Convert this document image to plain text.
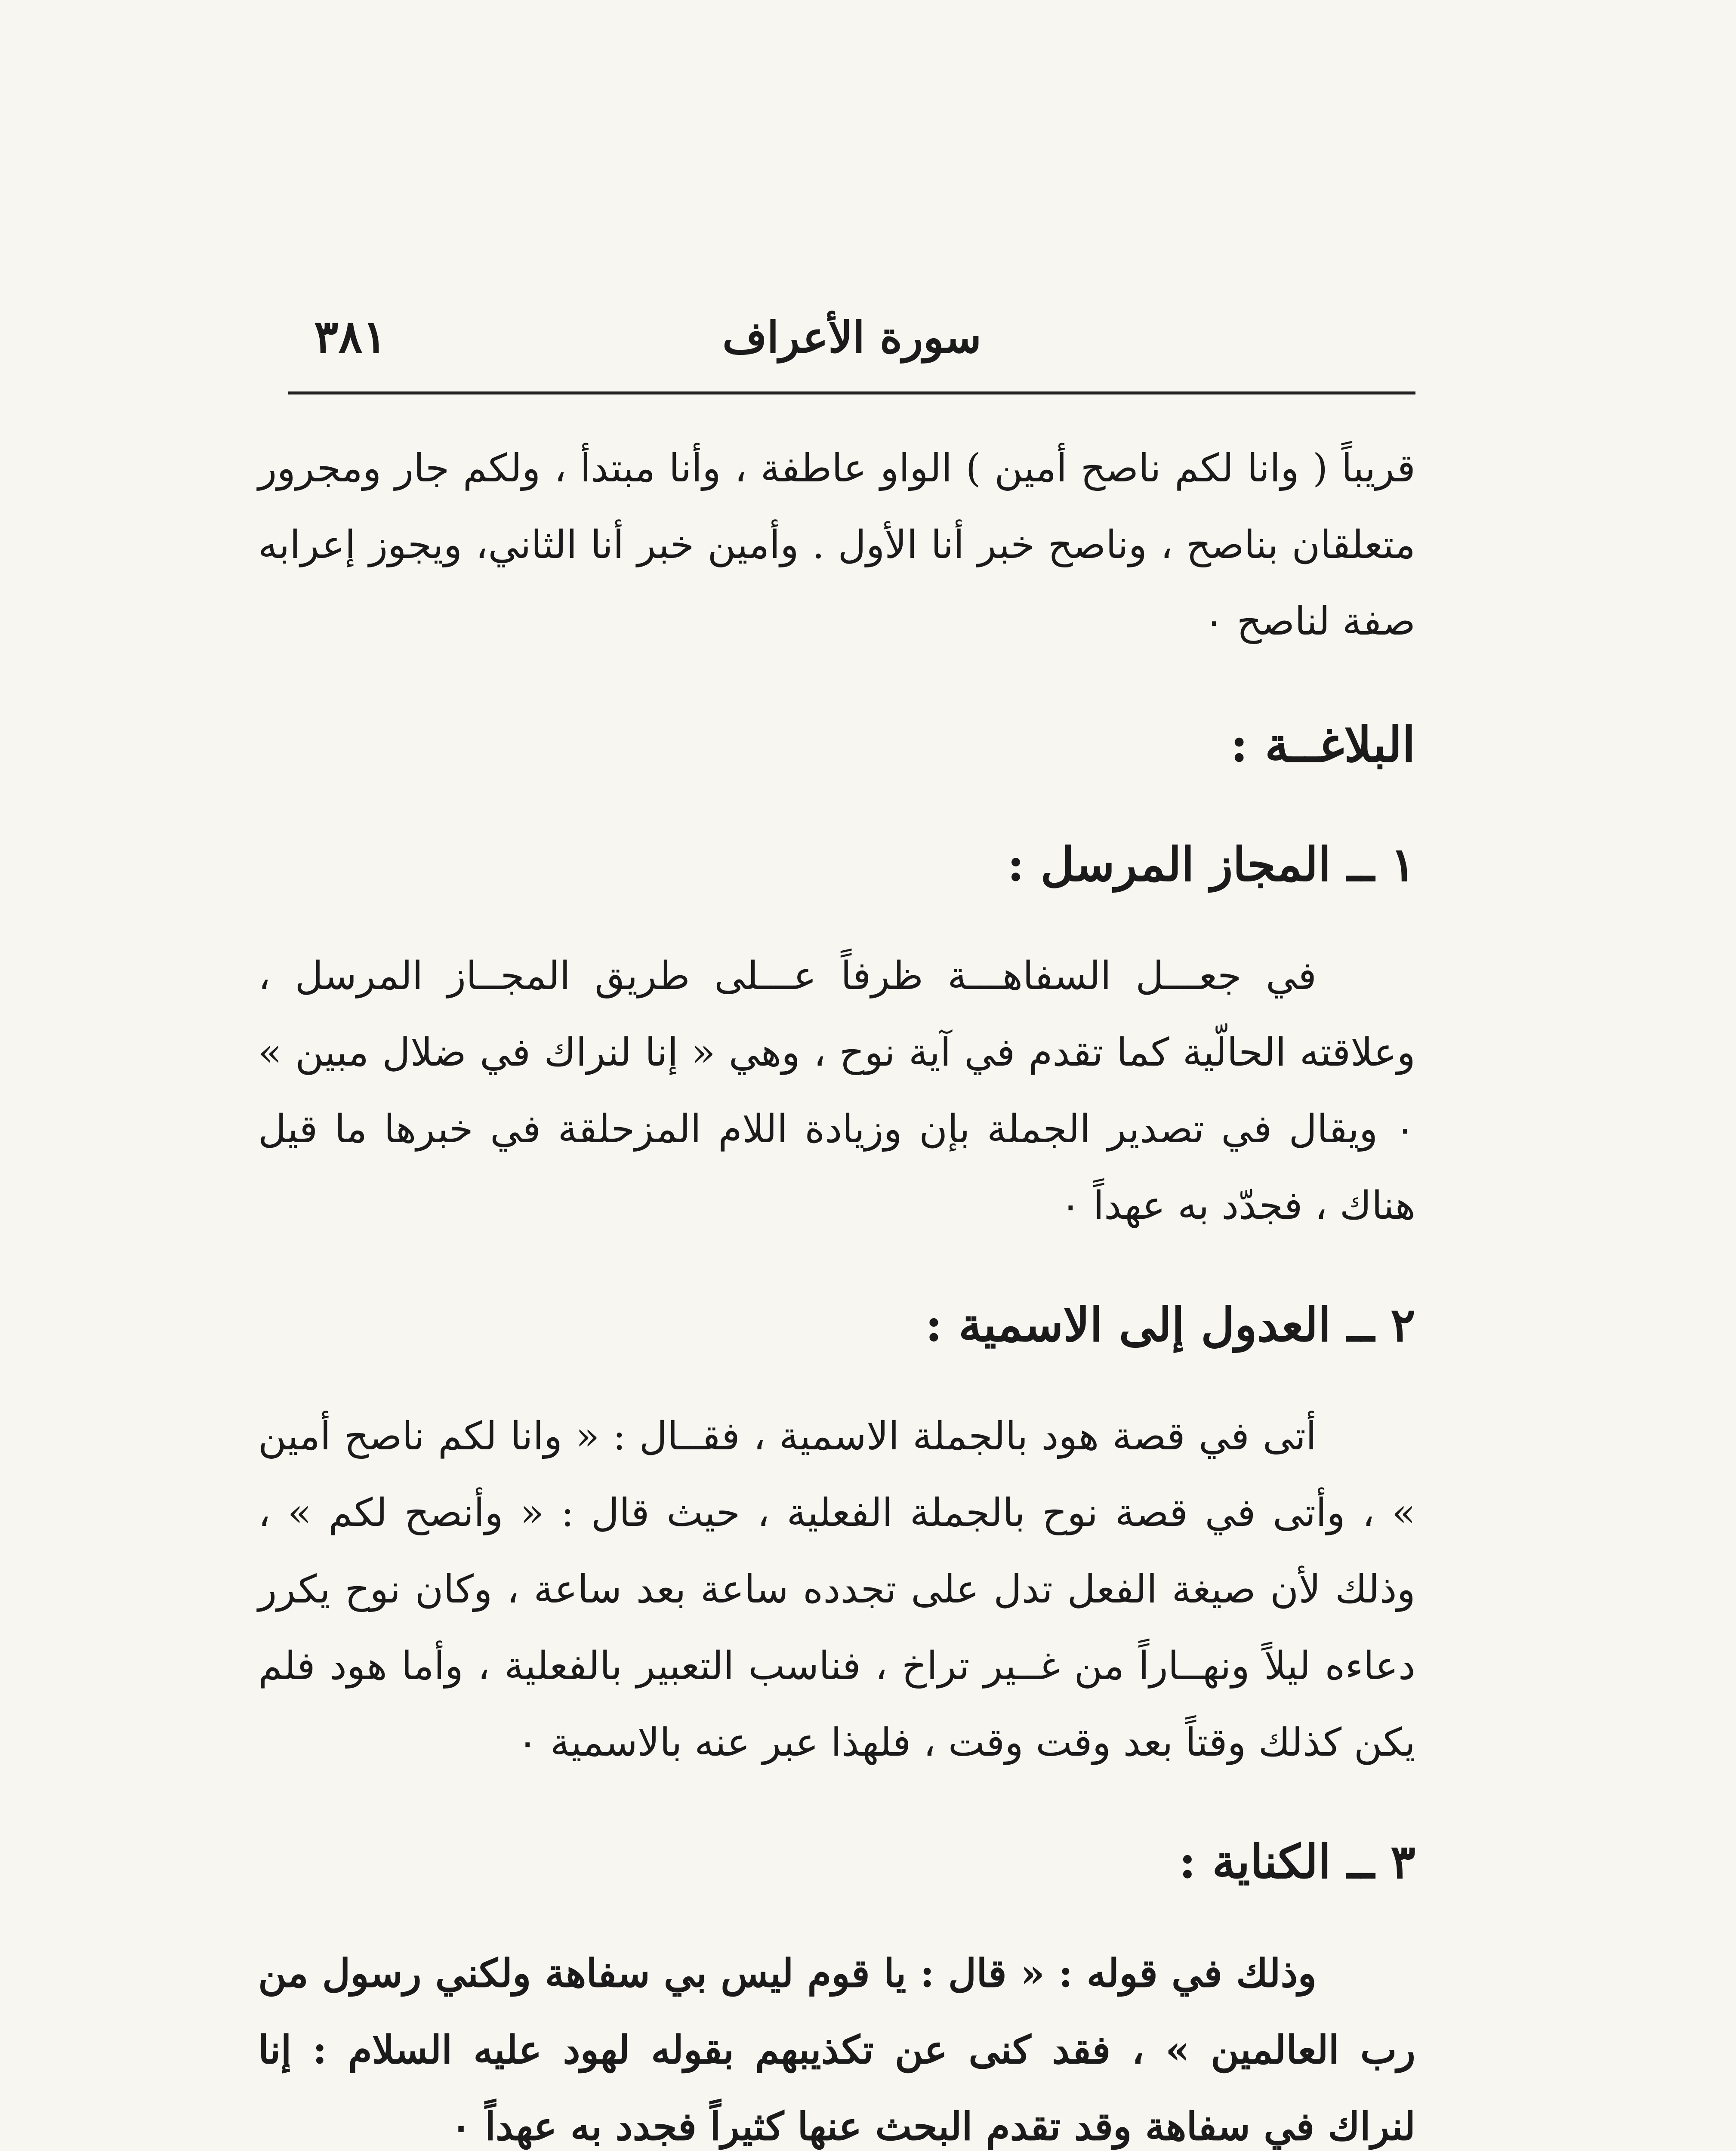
سورة الأعراف
٣٨١

قريباً ( وانا لكم ناصح أمين ) الواو عاطفة ، وأنا مبتدأ ، ولكم جار ومجرور متعلقان بناصح ، وناصح خبر أنا الأول . وأمين خبر أنا الثاني، ويجوز إعرابه صفة لناصح ٠

البلاغــة :

١ ــ المجاز المرسل :

في جعـــل السفاهـــة ظرفاً عـــلى طريق المجــاز المرسل ، وعلاقته الحالّية كما تقدم في آية نوح ، وهي « إنا لنراك في ضلال مبين » ٠ ويقال في تصدير الجملة بإن وزيادة اللام المزحلقة في خبرها ما قيل هناك ، فجدّد به عهداً ٠

٢ ــ العدول إلى الاسمية :

أتى في قصة هود بالجملة الاسمية ، فقــال : « وانا لكم ناصح أمين » ، وأتى في قصة نوح بالجملة الفعلية ، حيث قال : « وأنصح لكم » ، وذلك لأن صيغة الفعل تدل على تجدده ساعة بعد ساعة ، وكان نوح يكرر دعاءه ليلاً ونهــاراً من غــير تراخ ، فناسب التعبير بالفعلية ، وأما هود فلم يكن كذلك وقتاً بعد وقت وقت ، فلهذا عبر عنه بالاسمية ٠

٣ ــ الكناية :

وذلك في قوله : « قال : يا قوم ليس بي سفاهة ولكني رسول من رب العالمين » ، فقد كنى عن تكذيبهم بقوله لهود عليه السلام : إنا لنراك في سفاهة وقد تقدم البحث عنها كثيراً فجدد به عهداً ٠
